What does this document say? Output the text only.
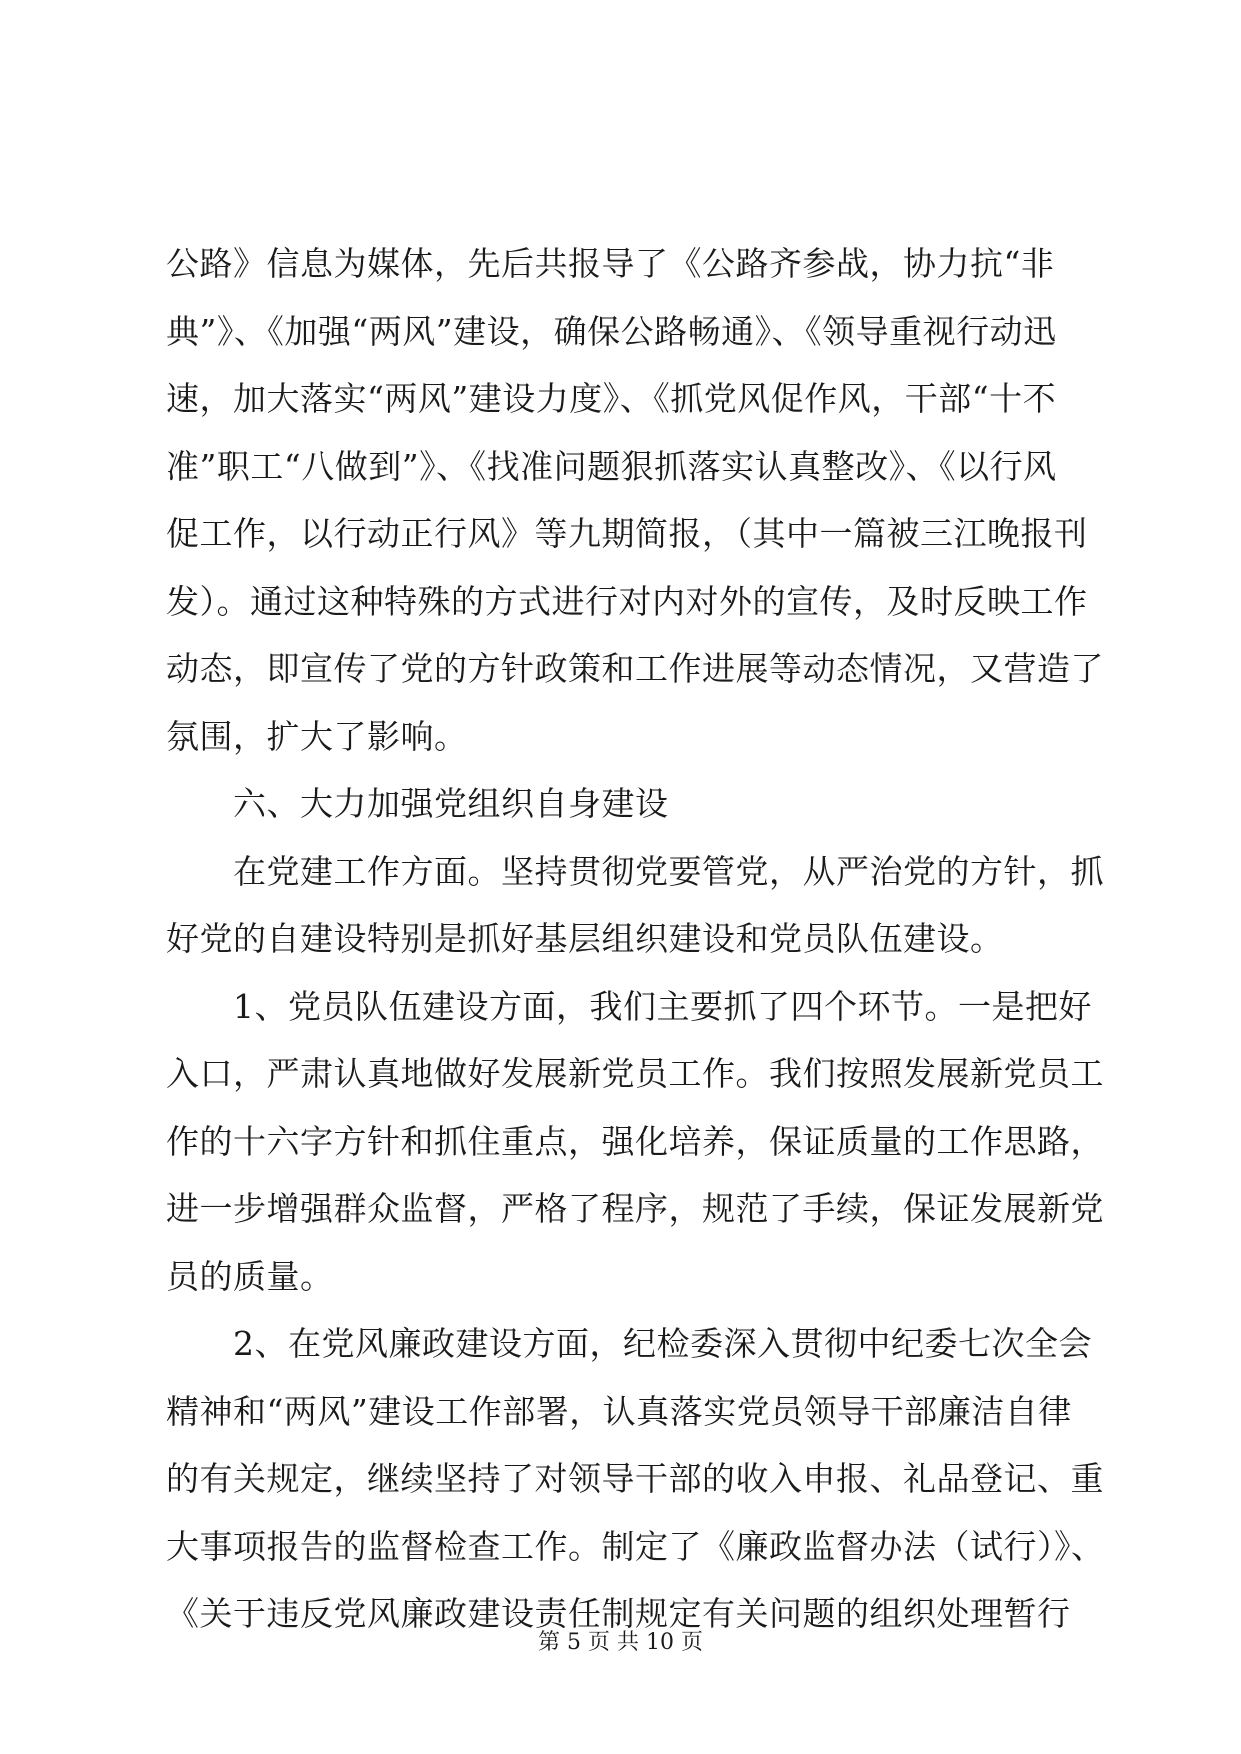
公路》信息为媒体，先后共报导了《公路齐参战，协力抗“非
典”》、《加强“两风”建设，确保公路畅通》、《领导重视行动迅
速，加大落实“两风”建设力度》、《抓党风促作风，干部“十不
准”职工“八做到”》、《找准问题狠抓落实认真整改》、《以行风
促工作，以行动正行风》等九期简报，（其中一篇被三江晚报刊
发）。通过这种特殊的方式进行对内对外的宣传，及时反映工作
动态，即宣传了党的方针政策和工作进展等动态情况，又营造了
氛围，扩大了影响。
　　六、大力加强党组织自身建设
　　在党建工作方面。坚持贯彻党要管党，从严治党的方针，抓
好党的自建设特别是抓好基层组织建设和党员队伍建设。
　　1、党员队伍建设方面，我们主要抓了四个环节。一是把好
入口，严肃认真地做好发展新党员工作。我们按照发展新党员工
作的十六字方针和抓住重点，强化培养，保证质量的工作思路，
进一步增强群众监督，严格了程序，规范了手续，保证发展新党
员的质量。
　　2、在党风廉政建设方面，纪检委深入贯彻中纪委七次全会
精神和“两风”建设工作部署，认真落实党员领导干部廉洁自律
的有关规定，继续坚持了对领导干部的收入申报、礼品登记、重
大事项报告的监督检查工作。制定了《廉政监督办法（试行）》、
《关于违反党风廉政建设责任制规定有关问题的组织处理暂行
第 5 页 共 10 页
